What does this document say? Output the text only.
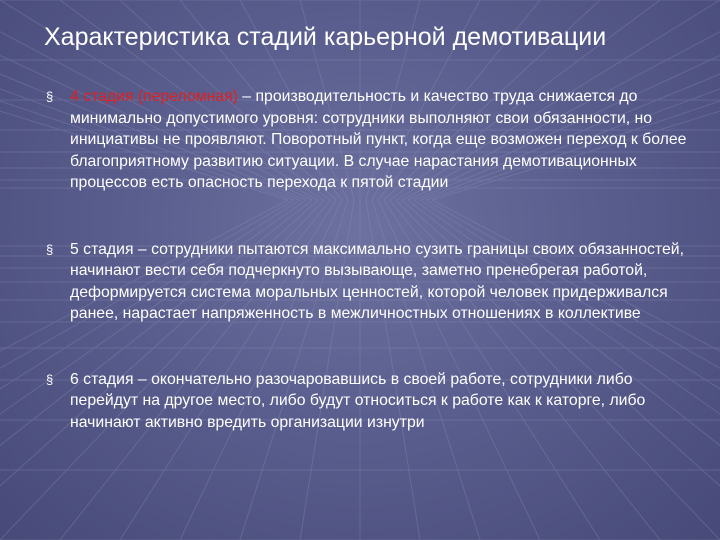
Характеристика стадий карьерной демотивации
§ 4 стадия (переломная) – производительность и качество труда снижается до минимально допустимого уровня: сотрудники выполняют свои обязанности, но инициативы не проявляют. Поворотный пункт, когда еще возможен переход к более благоприятному развитию ситуации. В случае нарастания демотивационных процессов есть опасность перехода к пятой стадии
§ 5 стадия – сотрудники пытаются максимально сузить границы своих обязанностей, начинают вести себя подчеркнуто вызывающе, заметно пренебрегая работой, деформируется система моральных ценностей, которой человек придерживался ранее, нарастает напряженность в межличностных отношениях в коллективе
§ 6 стадия – окончательно разочаровавшись в своей работе, сотрудники либо перейдут на другое место, либо будут относиться к работе как к каторге, либо начинают активно вредить организации изнутри
